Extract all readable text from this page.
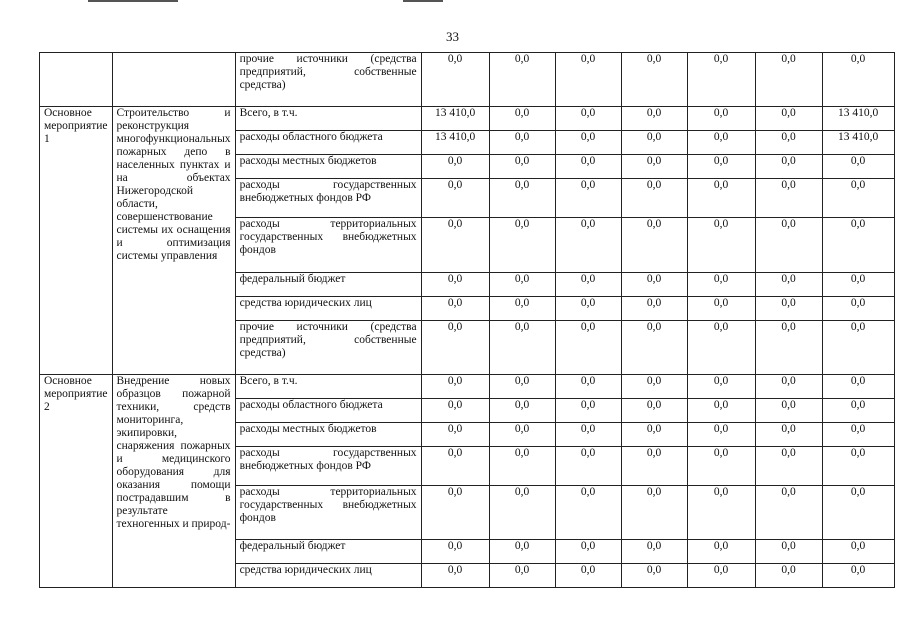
33

		прочие источники (средства предприятий, собственные средства)	0,0	0,0	0,0	0,0	0,0	0,0	0,0

Основное мероприятие 1	Строительство и реконструкция многофункциональных пожарных депо в населенных пунктах и на объектах Нижегородской области, совершенствование системы их оснащения и оптимизация системы управления	Всего, в т.ч.	13 410,0	0,0	0,0	0,0	0,0	0,0	13 410,0

		расходы областного бюджета	13 410,0	0,0	0,0	0,0	0,0	0,0	13 410,0

		расходы местных бюджетов	0,0	0,0	0,0	0,0	0,0	0,0	0,0

		расходы государственных внебюджетных фондов РФ	0,0	0,0	0,0	0,0	0,0	0,0	0,0

		расходы территориальных государственных внебюджетных фондов	0,0	0,0	0,0	0,0	0,0	0,0	0,0

		федеральный бюджет	0,0	0,0	0,0	0,0	0,0	0,0	0,0

		средства юридических лиц	0,0	0,0	0,0	0,0	0,0	0,0	0,0

		прочие источники (средства предприятий, собственные средства)	0,0	0,0	0,0	0,0	0,0	0,0	0,0

Основное мероприятие 2	Внедрение новых образцов пожарной техники, средств мониторинга, экипировки, снаряжения пожарных и медицинского оборудования для оказания помощи пострадавшим в результате техногенных и природ-	Всего, в т.ч.	0,0	0,0	0,0	0,0	0,0	0,0	0,0

		расходы областного бюджета	0,0	0,0	0,0	0,0	0,0	0,0	0,0

		расходы местных бюджетов	0,0	0,0	0,0	0,0	0,0	0,0	0,0

		расходы государственных внебюджетных фондов РФ	0,0	0,0	0,0	0,0	0,0	0,0	0,0

		расходы территориальных государственных внебюджетных фондов	0,0	0,0	0,0	0,0	0,0	0,0	0,0

		федеральный бюджет	0,0	0,0	0,0	0,0	0,0	0,0	0,0

		средства юридических лиц	0,0	0,0	0,0	0,0	0,0	0,0	0,0
